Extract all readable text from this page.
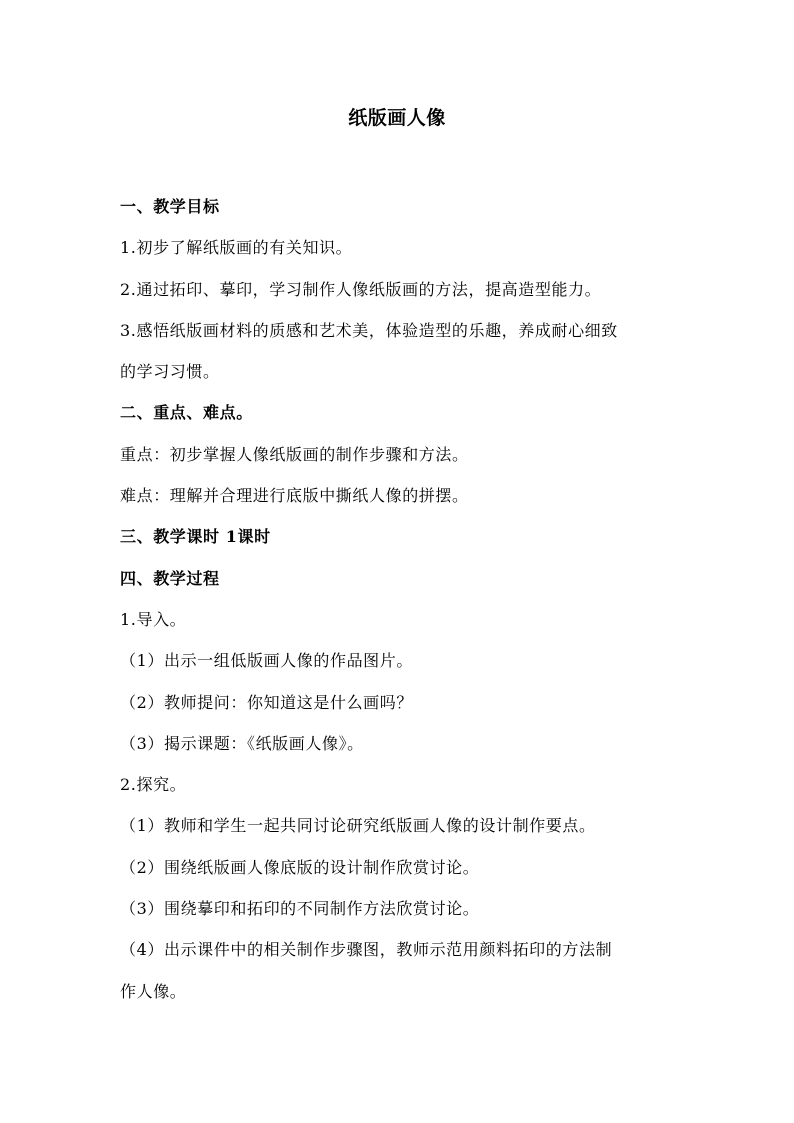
纸版画人像
一、教学目标
1.初步了解纸版画的有关知识。
2.通过拓印、摹印，学习制作人像纸版画的方法，提高造型能力。
3.感悟纸版画材料的质感和艺术美，体验造型的乐趣，养成耐心细致
的学习习惯。
二、重点、难点。
重点：初步掌握人像纸版画的制作步骤和方法。
难点：理解并合理进行底版中撕纸人像的拼摆。
三、教学课时 1课时
四、教学过程
1.导入。
（1）出示一组低版画人像的作品图片。
（2）教师提问：你知道这是什么画吗？
（3）揭示课题：《纸版画人像》。
2.探究。
（1）教师和学生一起共同讨论研究纸版画人像的设计制作要点。
（2）围绕纸版画人像底版的设计制作欣赏讨论。
（3）围绕摹印和拓印的不同制作方法欣赏讨论。
（4）出示课件中的相关制作步骤图，教师示范用颜料拓印的方法制
作人像。
